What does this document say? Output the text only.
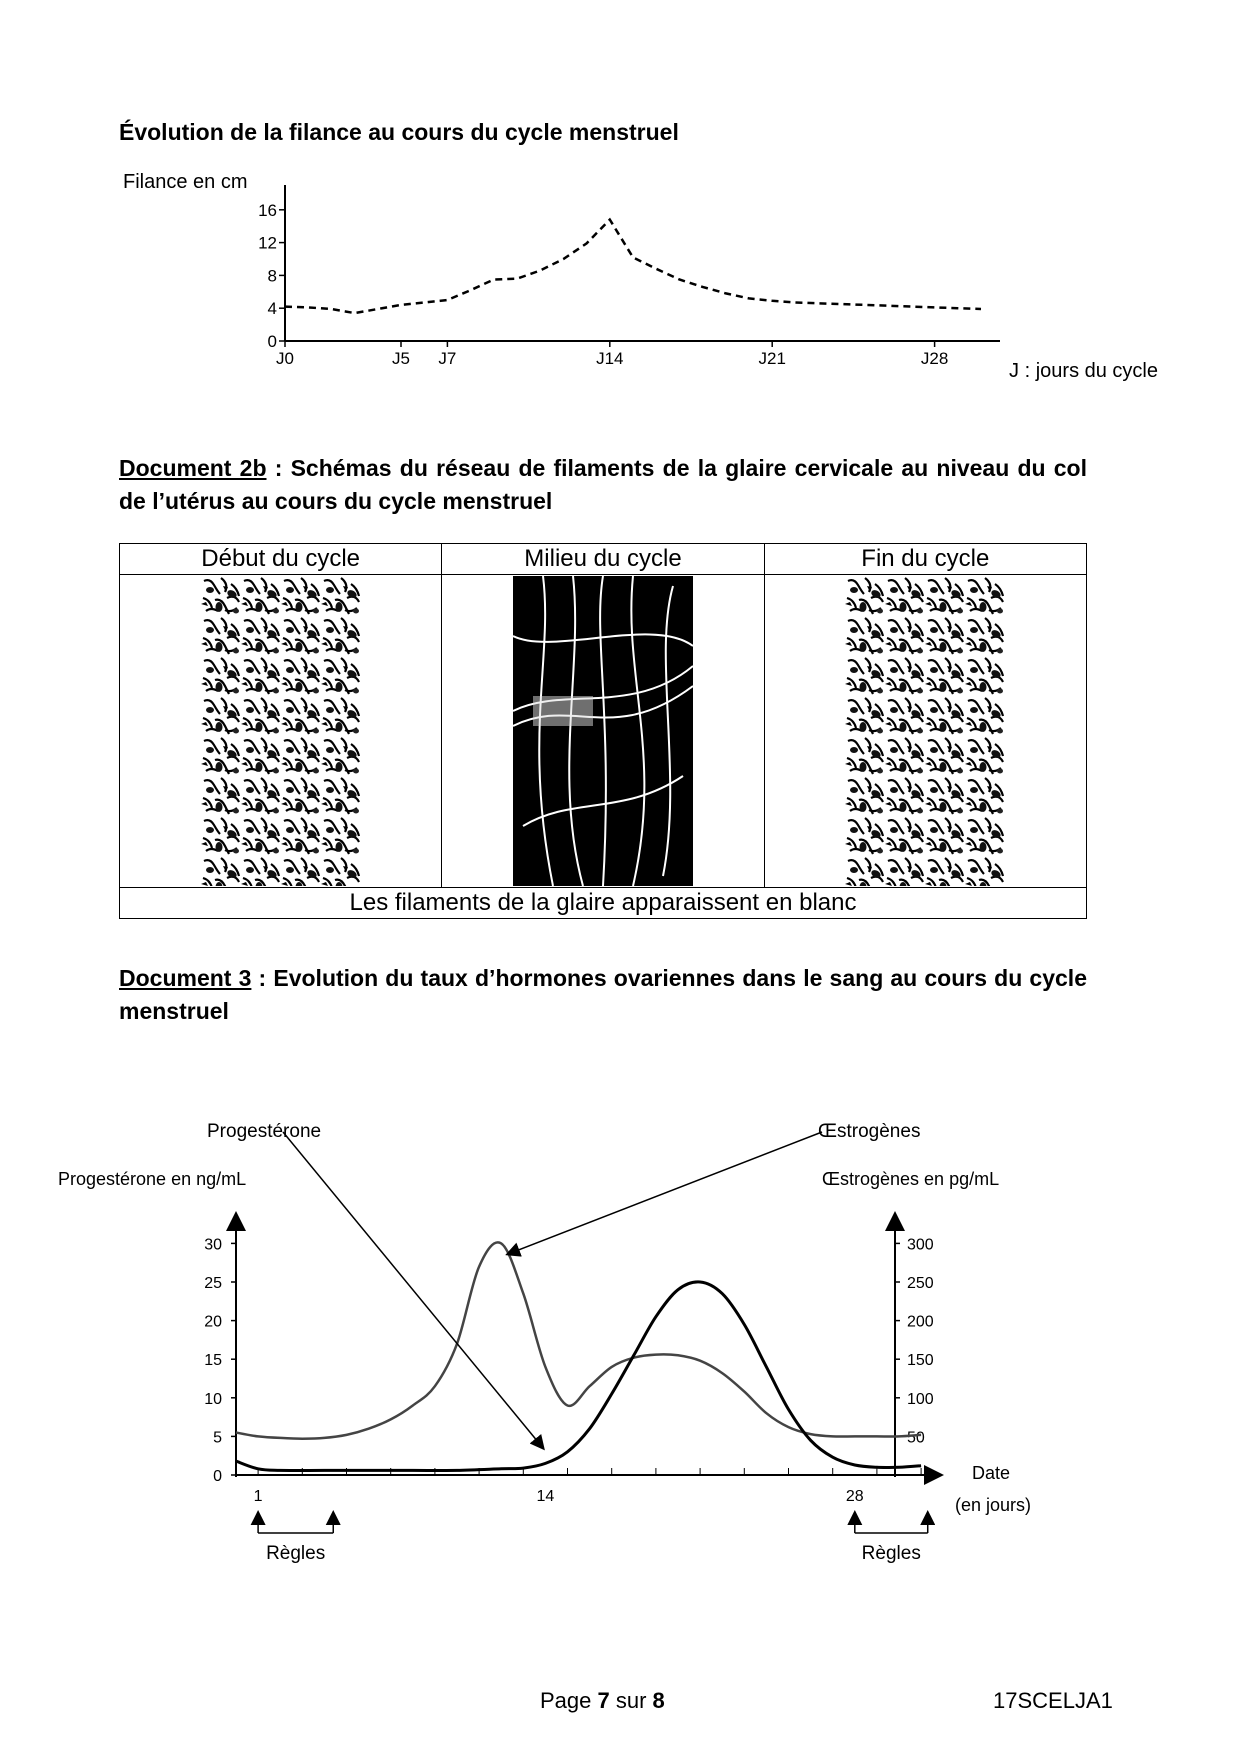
Évolution de la filance au cours du cycle menstruel
Filance en cm
0
4
8
12
16
J0	J5 J7	J14	J21	J28
J : jours du cycle
Document 2b : Schémas du réseau de filaments de la glaire cervicale au niveau du col de l’utérus au cours du cycle menstruel
Début du cycle	Milieu du cycle	Fin du cycle

Les filaments de la glaire apparaissent en blanc		
Document 3 : Evolution du taux d’hormones ovariennes dans le sang au cours du cycle menstruel
Progestérone	Œstrogènes
Progestérone en ng/mL	Œstrogènes en pg/mL
0
5
10
15
20
25
30
50
100
150
200
250
300
1	14	28
Date
(en jours)
Règles	Règles
Page 7 sur 8	17SCELJA1
